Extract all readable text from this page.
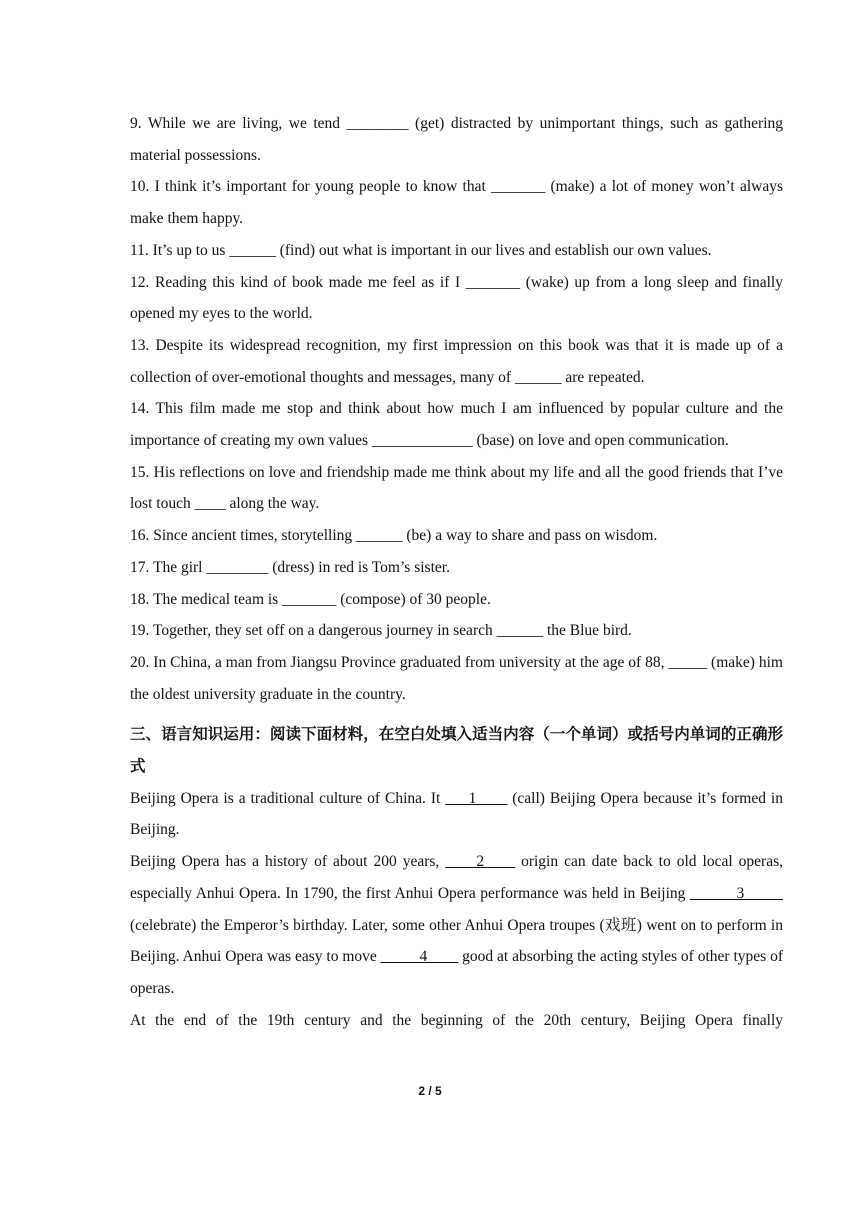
9. While we are living, we tend ________ (get) distracted by unimportant things, such as gathering material possessions.

10. I think it’s important for young people to know that _______ (make) a lot of money won’t always make them happy.

11. It’s up to us ______ (find) out what is important in our lives and establish our own values.

12. Reading this kind of book made me feel as if I _______ (wake) up from a long sleep and finally opened my eyes to the world.

13. Despite its widespread recognition, my first impression on this book was that it is made up of a collection of over-emotional thoughts and messages, many of ______ are repeated.

14. This film made me stop and think about how much I am influenced by popular culture and the importance of creating my own values _____________ (base) on love and open communication.

15. His reflections on love and friendship made me think about my life and all the good friends that I’ve lost touch ____ along the way.

16. Since ancient times, storytelling ______ (be) a way to share and pass on wisdom.

17. The girl ________ (dress) in red is Tom’s sister.

18. The medical team is _______ (compose) of 30 people.

19. Together, they set off on a dangerous journey in search ______ the Blue bird.

20. In China, a man from Jiangsu Province graduated from university at the age of 88, _____ (make) him the oldest university graduate in the country.

三、语言知识运用：阅读下面材料，在空白处填入适当内容（一个单词）或括号内单词的正确形式

Beijing Opera is a traditional culture of China. It ___1____ (call) Beijing Opera because it’s formed in Beijing.

Beijing Opera has a history of about 200 years, ____2____ origin can date back to old local operas, especially Anhui Opera. In 1790, the first Anhui Opera performance was held in Beijing ______3_____ (celebrate) the Emperor’s birthday. Later, some other Anhui Opera troupes (戏班) went on to perform in Beijing. Anhui Opera was easy to move _____4____ good at absorbing the acting styles of other types of operas.

At the end of the 19th century and the beginning of the 20th century, Beijing Opera finally

2 / 5
